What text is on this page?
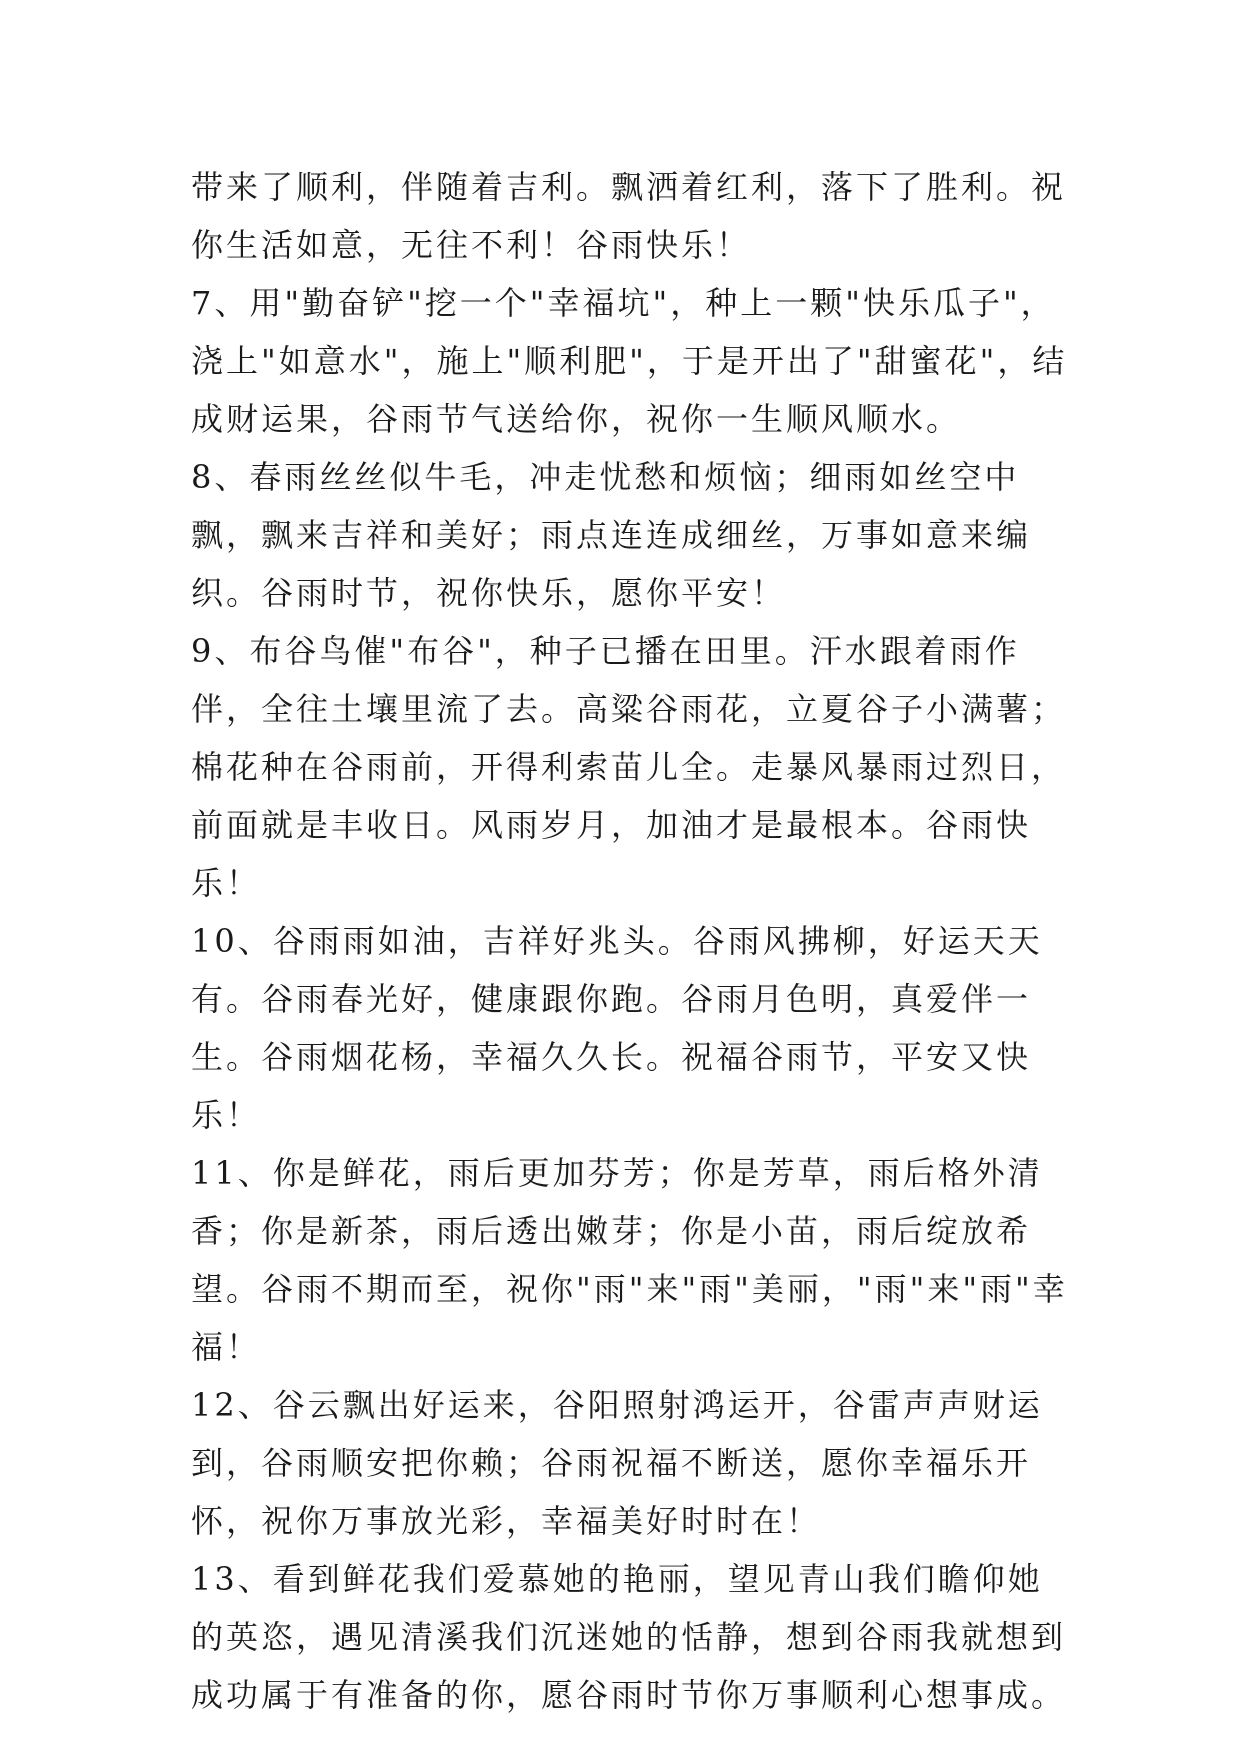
带来了顺利，伴随着吉利。飘洒着红利，落下了胜利。祝你生活如意，无往不利！谷雨快乐！

7、用"勤奋铲"挖一个"幸福坑"，种上一颗"快乐瓜子"，浇上"如意水"，施上"顺利肥"，于是开出了"甜蜜花"，结成财运果，谷雨节气送给你，祝你一生顺风顺水。

8、春雨丝丝似牛毛，冲走忧愁和烦恼；细雨如丝空中飘，飘来吉祥和美好；雨点连连成细丝，万事如意来编织。谷雨时节，祝你快乐，愿你平安！

9、布谷鸟催"布谷"，种子已播在田里。汗水跟着雨作伴，全往土壤里流了去。高粱谷雨花，立夏谷子小满薯；棉花种在谷雨前，开得利索苗儿全。走暴风暴雨过烈日，前面就是丰收日。风雨岁月，加油才是最根本。谷雨快乐！

10、谷雨雨如油，吉祥好兆头。谷雨风拂柳，好运天天有。谷雨春光好，健康跟你跑。谷雨月色明，真爱伴一生。谷雨烟花杨，幸福久久长。祝福谷雨节，平安又快乐！

11、你是鲜花，雨后更加芬芳；你是芳草，雨后格外清香；你是新茶，雨后透出嫩芽；你是小苗，雨后绽放希望。谷雨不期而至，祝你"雨"来"雨"美丽，"雨"来"雨"幸福！

12、谷云飘出好运来，谷阳照射鸿运开，谷雷声声财运到，谷雨顺安把你赖；谷雨祝福不断送，愿你幸福乐开怀，祝你万事放光彩，幸福美好时时在！

13、看到鲜花我们爱慕她的艳丽，望见青山我们瞻仰她的英恣，遇见清溪我们沉迷她的恬静，想到谷雨我就想到成功属于有准备的你，愿谷雨时节你万事顺利心想事成。
